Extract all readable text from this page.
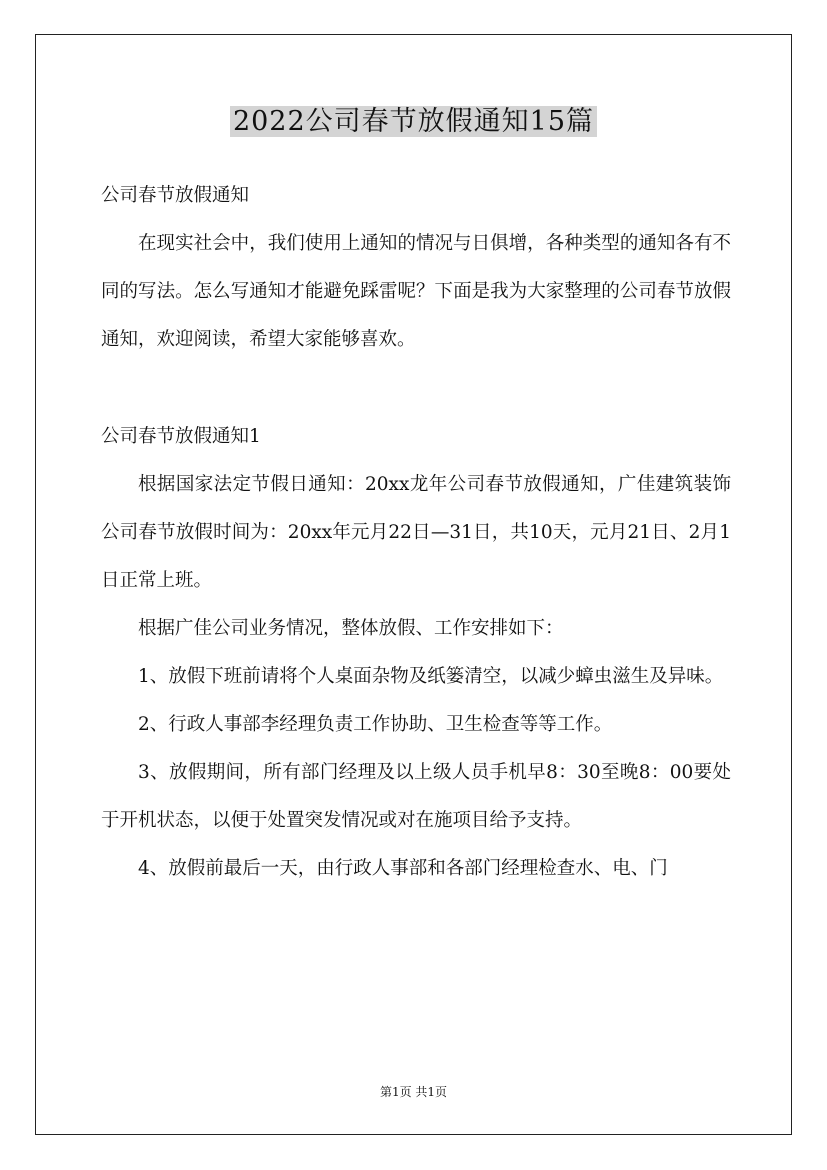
2022公司春节放假通知15篇

公司春节放假通知

在现实社会中，我们使用上通知的情况与日俱增，各种类型的通知各有不同的写法。怎么写通知才能避免踩雷呢？下面是我为大家整理的公司春节放假通知，欢迎阅读，希望大家能够喜欢。

公司春节放假通知1

根据国家法定节假日通知：20xx龙年公司春节放假通知，广佳建筑装饰公司春节放假时间为：20xx年元月22日—31日，共10天，元月21日、2月1日正常上班。

根据广佳公司业务情况，整体放假、工作安排如下：

1、放假下班前请将个人桌面杂物及纸篓清空，以减少蟑虫滋生及异味。

2、行政人事部李经理负责工作协助、卫生检查等等工作。

3、放假期间，所有部门经理及以上级人员手机早8：30至晚8：00要处于开机状态，以便于处置突发情况或对在施项目给予支持。

4、放假前最后一天，由行政人事部和各部门经理检查水、电、门

第1页 共1页
